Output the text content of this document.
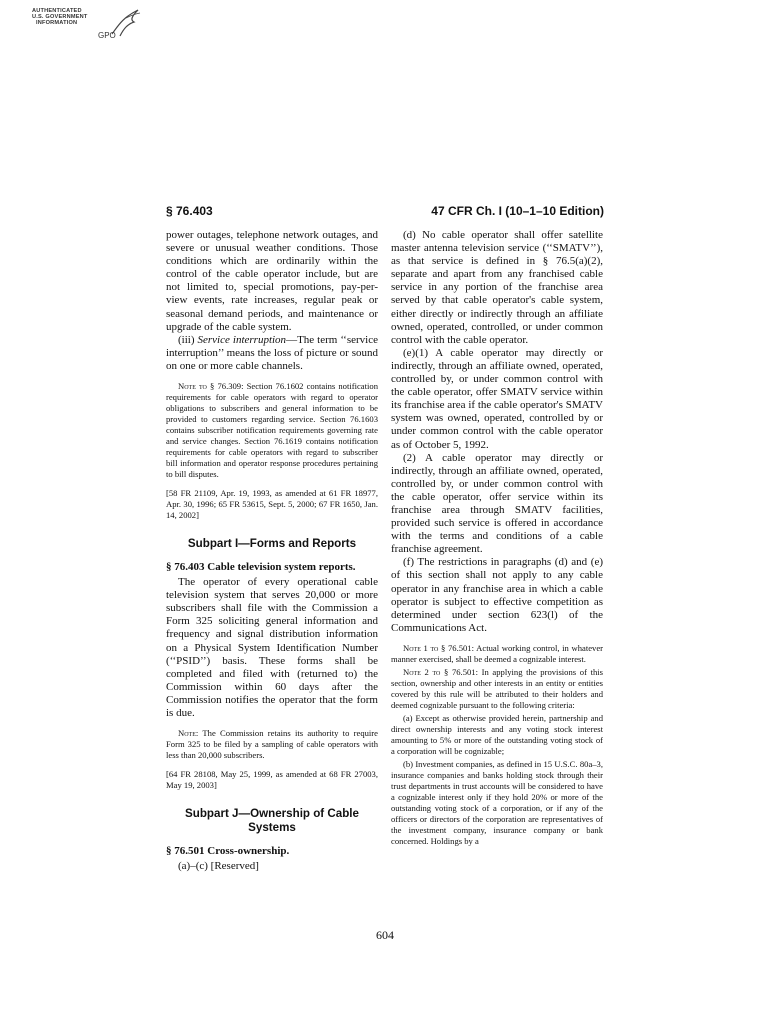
AUTHENTICATED
U.S. GOVERNMENT
INFORMATION
GPO
§ 76.403	47 CFR Ch. I (10–1–10 Edition)

power outages, telephone network outages, and severe or unusual weather conditions. Those conditions which are ordinarily within the control of the cable operator include, but are not limited to, special promotions, pay-per-view events, rate increases, regular peak or seasonal demand periods, and maintenance or upgrade of the cable system.

(iii) Service interruption—The term ‘‘service interruption’’ means the loss of picture or sound on one or more cable channels.

Note to § 76.309: Section 76.1602 contains notification requirements for cable operators with regard to operator obligations to subscribers and general information to be provided to customers regarding service. Section 76.1603 contains subscriber notification requirements governing rate and service changes. Section 76.1619 contains notification requirements for cable operators with regard to subscriber bill information and operator response procedures pertaining to bill disputes.

[58 FR 21109, Apr. 19, 1993, as amended at 61 FR 18977, Apr. 30, 1996; 65 FR 53615, Sept. 5, 2000; 67 FR 1650, Jan. 14, 2002]

Subpart I—Forms and Reports

§ 76.403 Cable television system reports.

The operator of every operational cable television system that serves 20,000 or more subscribers shall file with the Commission a Form 325 soliciting general information and frequency and signal distribution information on a Physical System Identification Number (‘‘PSID’’) basis. These forms shall be completed and filed with (returned to) the Commission within 60 days after the Commission notifies the operator that the form is due.

Note: The Commission retains its authority to require Form 325 to be filed by a sampling of cable operators with less than 20,000 subscribers.

[64 FR 28108, May 25, 1999, as amended at 68 FR 27003, May 19, 2003]

Subpart J—Ownership of Cable Systems

§ 76.501 Cross-ownership.

(a)–(c) [Reserved]

(d) No cable operator shall offer satellite master antenna television service (‘‘SMATV’’), as that service is defined in § 76.5(a)(2), separate and apart from any franchised cable service in any portion of the franchise area served by that cable operator's cable system, either directly or indirectly through an affiliate owned, operated, controlled, or under common control with the cable operator.

(e)(1) A cable operator may directly or indirectly, through an affiliate owned, operated, controlled by, or under common control with the cable operator, offer SMATV service within its franchise area if the cable operator's SMATV system was owned, operated, controlled by or under common control with the cable operator as of October 5, 1992.

(2) A cable operator may directly or indirectly, through an affiliate owned, operated, controlled by, or under common control with the cable operator, offer service within its franchise area through SMATV facilities, provided such service is offered in accordance with the terms and conditions of a cable franchise agreement.

(f) The restrictions in paragraphs (d) and (e) of this section shall not apply to any cable operator in any franchise area in which a cable operator is subject to effective competition as determined under section 623(l) of the Communications Act.

Note 1 to § 76.501: Actual working control, in whatever manner exercised, shall be deemed a cognizable interest.

Note 2 to § 76.501: In applying the provisions of this section, ownership and other interests in an entity or entities covered by this rule will be attributed to their holders and deemed cognizable pursuant to the following criteria:

(a) Except as otherwise provided herein, partnership and direct ownership interests and any voting stock interest amounting to 5% or more of the outstanding voting stock of a corporation will be cognizable;

(b) Investment companies, as defined in 15 U.S.C. 80a–3, insurance companies and banks holding stock through their trust departments in trust accounts will be considered to have a cognizable interest only if they hold 20% or more of the outstanding voting stock of a corporation, or if any of the officers or directors of the corporation are representatives of the investment company, insurance company or bank concerned. Holdings by a

604
